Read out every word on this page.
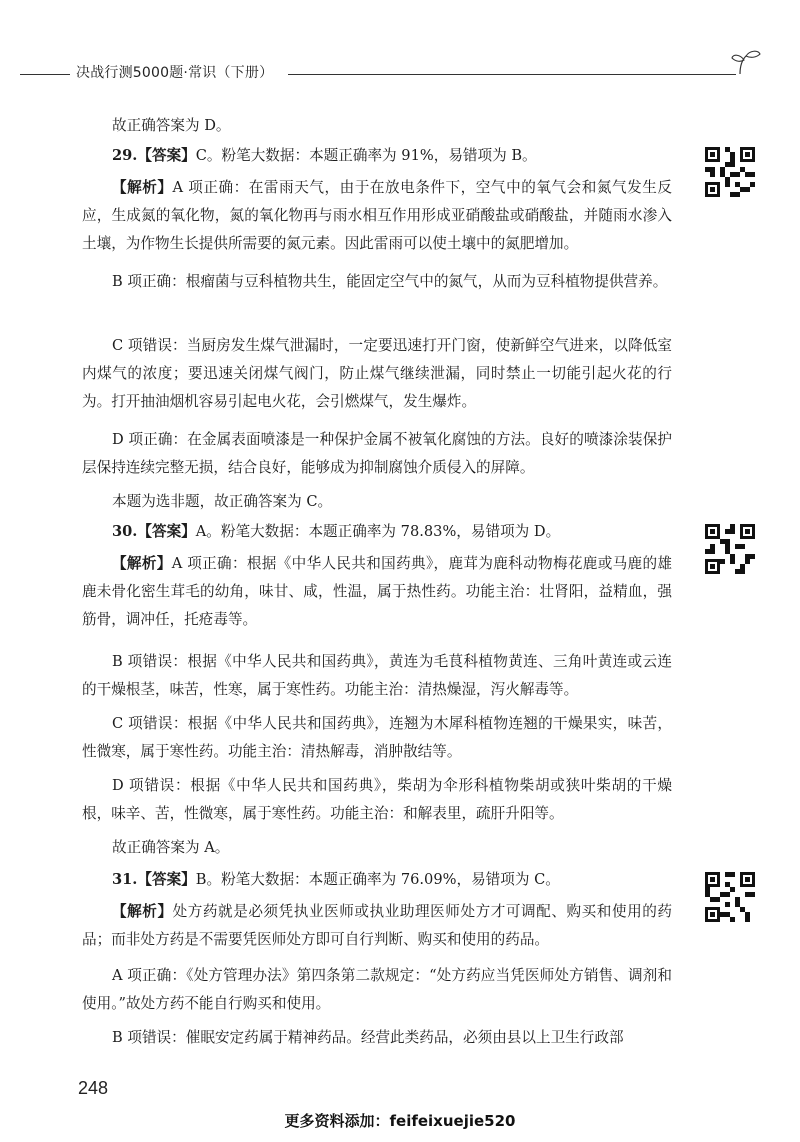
决战行测5000题·常识（下册）

故正确答案为 D。

29.【答案】C。粉笔大数据：本题正确率为 91%，易错项为 B。

【解析】A 项正确：在雷雨天气，由于在放电条件下，空气中的氧气会和氮气发生反应，生成氮的氧化物，氮的氧化物再与雨水相互作用形成亚硝酸盐或硝酸盐，并随雨水渗入土壤，为作物生长提供所需要的氮元素。因此雷雨可以使土壤中的氮肥增加。

B 项正确：根瘤菌与豆科植物共生，能固定空气中的氮气，从而为豆科植物提供营养。

C 项错误：当厨房发生煤气泄漏时，一定要迅速打开门窗，使新鲜空气进来，以降低室内煤气的浓度；要迅速关闭煤气阀门，防止煤气继续泄漏，同时禁止一切能引起火花的行为。打开抽油烟机容易引起电火花，会引燃煤气，发生爆炸。

D 项正确：在金属表面喷漆是一种保护金属不被氧化腐蚀的方法。良好的喷漆涂装保护层保持连续完整无损，结合良好，能够成为抑制腐蚀介质侵入的屏障。

本题为选非题，故正确答案为 C。

30.【答案】A。粉笔大数据：本题正确率为 78.83%，易错项为 D。

【解析】A 项正确：根据《中华人民共和国药典》，鹿茸为鹿科动物梅花鹿或马鹿的雄鹿未骨化密生茸毛的幼角，味甘、咸，性温，属于热性药。功能主治：壮肾阳，益精血，强筋骨，调冲任，托疮毒等。

B 项错误：根据《中华人民共和国药典》，黄连为毛茛科植物黄连、三角叶黄连或云连的干燥根茎，味苦，性寒，属于寒性药。功能主治：清热燥湿，泻火解毒等。

C 项错误：根据《中华人民共和国药典》，连翘为木犀科植物连翘的干燥果实，味苦，性微寒，属于寒性药。功能主治：清热解毒，消肿散结等。

D 项错误：根据《中华人民共和国药典》，柴胡为伞形科植物柴胡或狭叶柴胡的干燥根，味辛、苦，性微寒，属于寒性药。功能主治：和解表里，疏肝升阳等。

故正确答案为 A。

31.【答案】B。粉笔大数据：本题正确率为 76.09%，易错项为 C。

【解析】处方药就是必须凭执业医师或执业助理医师处方才可调配、购买和使用的药品；而非处方药是不需要凭医师处方即可自行判断、购买和使用的药品。

A 项正确：《处方管理办法》第四条第二款规定：“处方药应当凭医师处方销售、调剂和使用。”故处方药不能自行购买和使用。

B 项错误：催眠安定药属于精神药品。经营此类药品，必须由县以上卫生行政部

248
更多资料添加：feifeixuejie520
